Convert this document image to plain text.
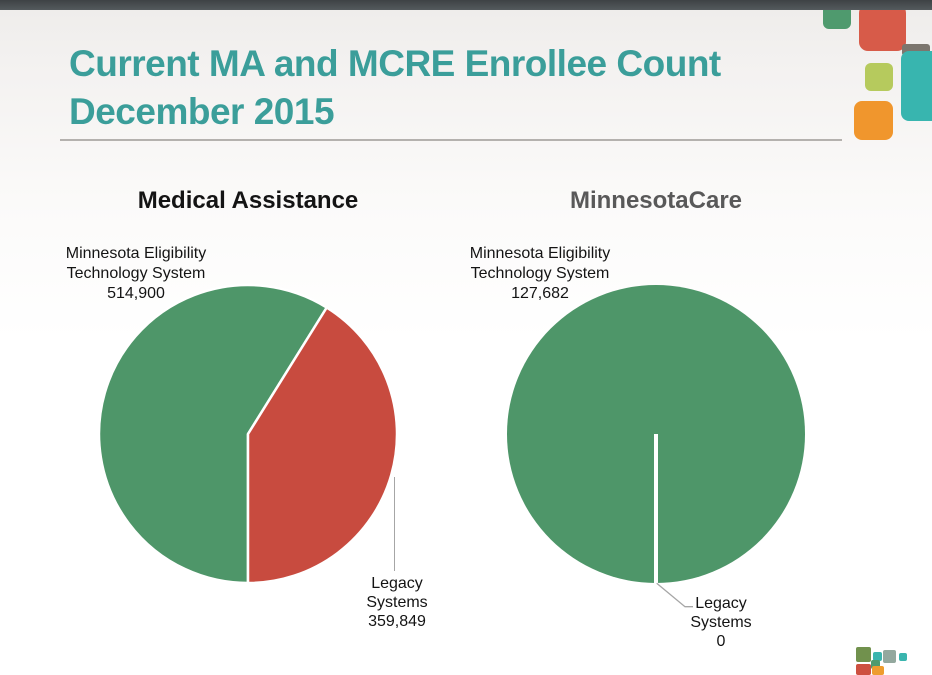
Current MA and MCRE Enrollee Count
December 2015
Medical Assistance	MinnesotaCare
Minnesota Eligibility
Technology System
514,900
Minnesota Eligibility
Technology System
127,682
Legacy
Systems
359,849
Legacy
Systems
0
